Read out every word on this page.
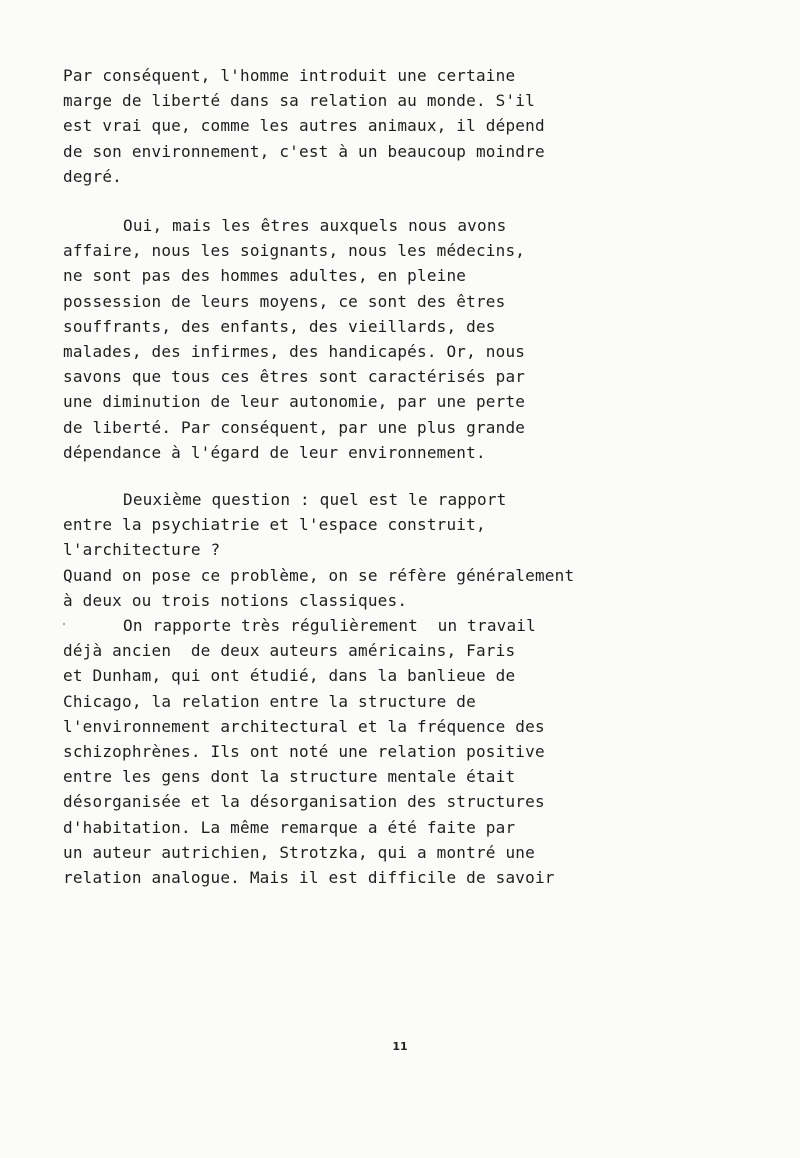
Par conséquent, l'homme introduit une certaine
marge de liberté dans sa relation au monde. S'il
est vrai que, comme les autres animaux, il dépend
de son environnement, c'est à un beaucoup moindre
degré.
Oui, mais les êtres auxquels nous avons
affaire, nous les soignants, nous les médecins,
ne sont pas des hommes adultes, en pleine
possession de leurs moyens, ce sont des êtres
souffrants, des enfants, des vieillards, des
malades, des infirmes, des handicapés. Or, nous
savons que tous ces êtres sont caractérisés par
une diminution de leur autonomie, par une perte
de liberté. Par conséquent, par une plus grande
dépendance à l'égard de leur environnement.
Deuxième question : quel est le rapport
entre la psychiatrie et l'espace construit,
l'architecture ?
Quand on pose ce problème, on se réfère généralement
à deux ou trois notions classiques.
On rapporte très régulièrement  un travail
déjà ancien  de deux auteurs américains, Faris
et Dunham, qui ont étudié, dans la banlieue de
Chicago, la relation entre la structure de
l'environnement architectural et la fréquence des
schizophrènes. Ils ont noté une relation positive
entre les gens dont la structure mentale était
désorganisée et la désorganisation des structures
d'habitation. La même remarque a été faite par
un auteur autrichien, Strotzka, qui a montré une
relation analogue. Mais il est difficile de savoir
11
